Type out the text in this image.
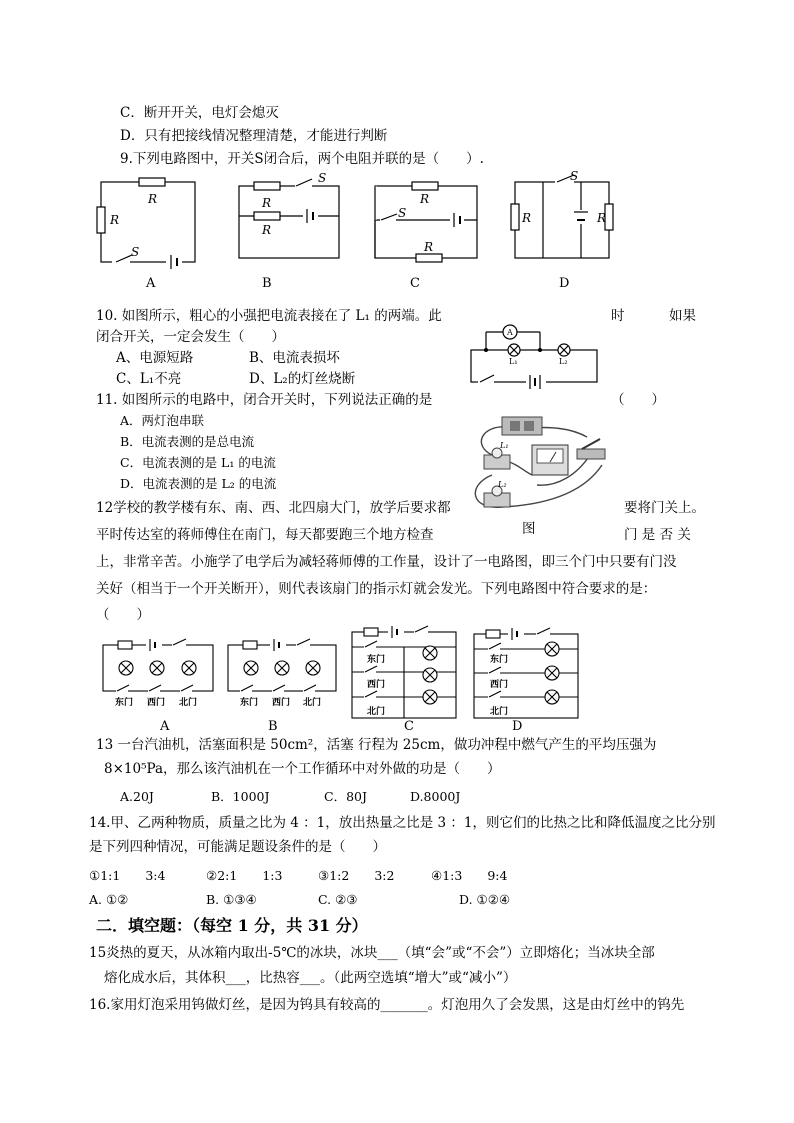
C．断开开关，电灯会熄灭
D．只有把接线情况整理清楚，才能进行判断
9.下列电路图中，开关S闭合后，两个电阻并联的是（　　）.
R
R
S
R
R
S
R
S
R
R	R
S
A	B	C	D
10. 如图所示，粗心的小强把电流表接在了 L₁ 的两端。此	时	如果
闭合开关，一定会发生（　　）
A、电源短路	B、电流表损坏
C、L₁不亮	D、L₂的灯丝烧断
A
L₁	L₂
11. 如图所示的电路中，闭合开关时，下列说法正确的是	（　　）
A．两灯泡串联
B．电流表测的是总电流
C．电流表测的是 L₁ 的电流
D．电流表测的是 L₂ 的电流
L₁
L₂
12学校的教学楼有东、南、西、北四扇大门，放学后要求都	要将门关上。
平时传达室的蒋师傅住在南门，每天都要跑三个地方检查	图	门 是 否 关
上，非常辛苦。小施学了电学后为减轻蒋师傅的工作量，设计了一电路图，即三个门中只要有门没
关好（相当于一个开关断开），则代表该扇门的指示灯就会发光。下列电路图中符合要求的是：
（　　）
东门 西门 北门	东门 西门 北门
东门
西门
北门
东门
西门
北门
A	B	C	D
13 一台汽油机，活塞面积是 50cm²，活塞 行程为 25cm，做功冲程中燃气产生的平均压强为
8×10⁵Pa，那么该汽油机在一个工作循环中对外做的功是（　　）
A.20J	B．1000J	C．80J	D.8000J
14.甲、乙两种物质，质量之比为 4 ：1，放出热量之比是 3 ：1，则它们的比热之比和降低温度之比分别
是下列四种情况，可能满足题设条件的是（　　）
①1:1　　3:4	②2:1　　1:3	③1:2　　3:2	④1:3　　9:4
A. ①②	B. ①③④	C. ②③	D. ①②④
二．填空题：（每空 1 分，共 31 分）
15炎热的夏天，从冰箱内取出-5℃的冰块，冰块___（填“会”或“不会”）立即熔化；当冰块全部
熔化成水后，其体积___，比热容___。（此两空选填“增大”或“减小”）
16.家用灯泡采用钨做灯丝，是因为钨具有较高的_______。灯泡用久了会发黑，这是由灯丝中的钨先
